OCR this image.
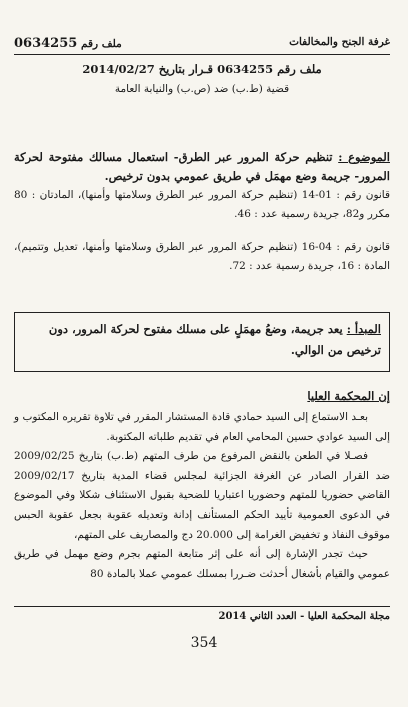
غرفة الجنح والمخالفات
ملف رقم 0634255
ملف رقم 0634255 قـرار بتاريخ 2014/02/27
قضية (ط.ب) ضد (ص.ب) والنيابة العامة
الموضوع : تنظيم حركة المرور عبر الطرق- استعمال مسالك مفتوحة لحركة المرور- جريمة وضع مهمَل في طريق عمومي بدون ترخيص.
قانون رقم : 01-14 (تنظيم حركة المرور عبر الطرق وسلامتها وأمنها)، المادتان : 80 مكرر و82، جريدة رسمية عدد : 46.
قانون رقم : 04-16 (تنظيم حركة المرور عبر الطرق وسلامتها وأمنها، تعديل وتتميم)، المادة : 16، جريدة رسمية عدد : 72.
المبدأ : يعد جريمة، وضعُ مهمَلٍ على مسلك مفتوح لحركة المرور، دون ترخيص من الوالي.
إن المحكمة العليا

بعـد الاستماع إلى السيد حمادي قادة المستشار المقرر في تلاوة تقريره المكتوب و إلى السيد عوادي حسين المحامي العام في تقديم طلباته المكتوبة.

فصـلا في الطعن بالنقض المرفوع من طرف المتهم (ط.ب) بتاريخ 2009/02/25 ضد القرار الصادر عن الغرفة الجزائية لمجلس قضاء المدية بتاريخ 2009/02/17 القاضي حضوريا للمتهم وحضوريا اعتباريا للضحية بقبول الاستئناف شكلا وفي الموضوع في الدعوى العمومية تأييد الحكم المستأنف إدانة وتعديله عقوبة بجعل عقوبة الحبس موقوف النفاذ و تخفيض الغرامة إلى 20.000 دج والمصاريف على المتهم،

حيث تجدر الإشارة إلى أنه على إثر متابعة المتهم بجرم وضع مهمل في طريق عمومي والقيام بأشغال أحدثت ضـررا بمسلك عمومي عملا بالمادة 80

مجلة المحكمة العليا - العدد الثاني 2014
354
